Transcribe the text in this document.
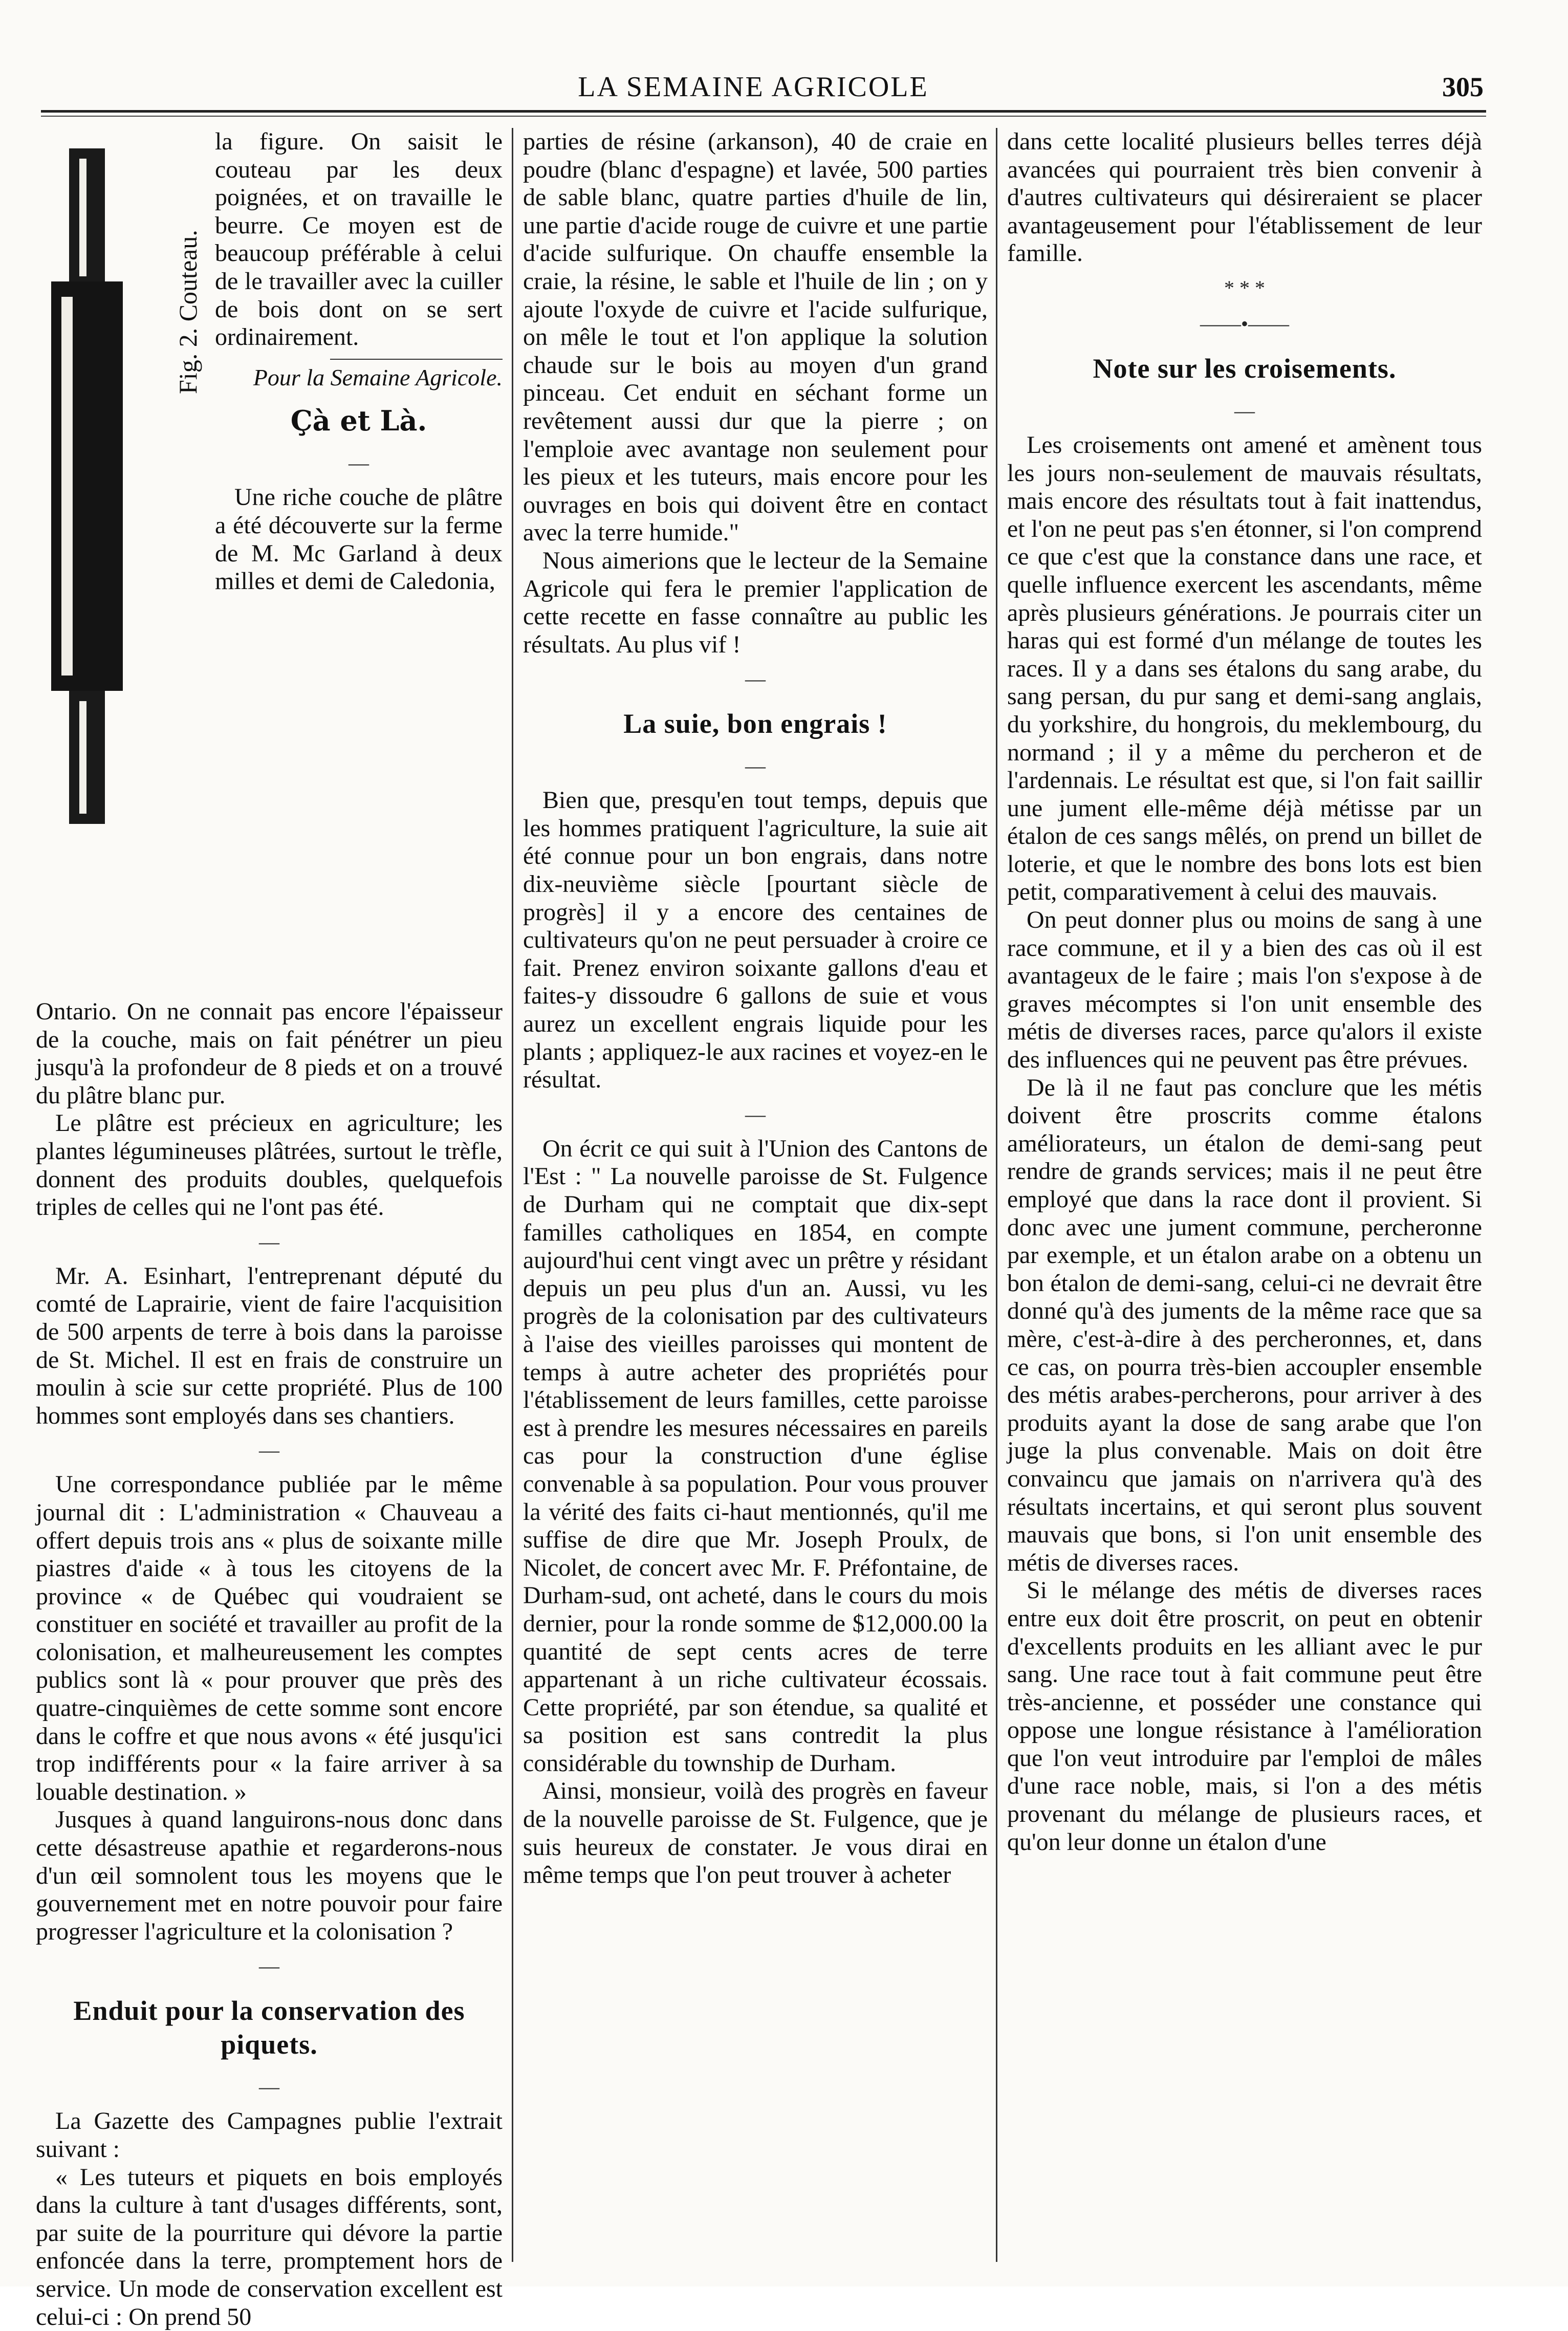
LA SEMAINE AGRICOLE	305
Fig. 2. Couteau.

la figure. On saisit le couteau par les deux poignées, et on travaille le beurre. Ce moyen est de beaucoup préférable à celui de le travailler avec la cuiller de bois dont on se sert ordinairement.

Pour la Semaine Agricole.

Çà et Là.
—

Une riche couche de plâtre a été découverte sur la ferme de M. Mc Garland à deux milles et demi de Caledonia,

Ontario. On ne connait pas encore l'épaisseur de la couche, mais on fait pénétrer un pieu jusqu'à la profondeur de 8 pieds et on a trouvé du plâtre blanc pur.

Le plâtre est précieux en agriculture; les plantes légumineuses plâtrées, surtout le trèfle, donnent des produits doubles, quelquefois triples de celles qui ne l'ont pas été.

—

Mr. A. Esinhart, l'entreprenant député du comté de Laprairie, vient de faire l'acquisition de 500 arpents de terre à bois dans la paroisse de St. Michel. Il est en frais de construire un moulin à scie sur cette propriété. Plus de 100 hommes sont employés dans ses chantiers.

—

Une correspondance publiée par le même journal dit : L'administration « Chauveau a offert depuis trois ans « plus de soixante mille piastres d'aide « à tous les citoyens de la province « de Québec qui voudraient se constituer en société et travailler au profit de la colonisation, et malheureusement les comptes publics sont là « pour prouver que près des quatre-cinquièmes de cette somme sont encore dans le coffre et que nous avons « été jusqu'ici trop indifférents pour « la faire arriver à sa louable destination. »

Jusques à quand languirons-nous donc dans cette désastreuse apathie et regarderons-nous d'un œil somnolent tous les moyens que le gouvernement met en notre pouvoir pour faire progresser l'agriculture et la colonisation ?

—
Enduit pour la conservation des piquets.
—

La Gazette des Campagnes publie l'extrait suivant :

« Les tuteurs et piquets en bois employés dans la culture à tant d'usages différents, sont, par suite de la pourriture qui dévore la partie enfoncée dans la terre, promptement hors de service. Un mode de conservation excellent est celui-ci : On prend 50

parties de résine (arkanson), 40 de craie en poudre (blanc d'espagne) et lavée, 500 parties de sable blanc, quatre parties d'huile de lin, une partie d'acide rouge de cuivre et une partie d'acide sulfurique. On chauffe ensemble la craie, la résine, le sable et l'huile de lin ; on y ajoute l'oxyde de cuivre et l'acide sulfurique, on mêle le tout et l'on applique la solution chaude sur le bois au moyen d'un grand pinceau. Cet enduit en séchant forme un revêtement aussi dur que la pierre ; on l'emploie avec avantage non seulement pour les pieux et les tuteurs, mais encore pour les ouvrages en bois qui doivent être en contact avec la terre humide."

Nous aimerions que le lecteur de la Semaine Agricole qui fera le premier l'application de cette recette en fasse connaître au public les résultats. Au plus vif !

—
La suie, bon engrais !
—

Bien que, presqu'en tout temps, depuis que les hommes pratiquent l'agriculture, la suie ait été connue pour un bon engrais, dans notre dix-neuvième siècle [pourtant siècle de progrès] il y a encore des centaines de cultivateurs qu'on ne peut persuader à croire ce fait. Prenez environ soixante gallons d'eau et faites-y dissoudre 6 gallons de suie et vous aurez un excellent engrais liquide pour les plants ; appliquez-le aux racines et voyez-en le résultat.

—

On écrit ce qui suit à l'Union des Cantons de l'Est : " La nouvelle paroisse de St. Fulgence de Durham qui ne comptait que dix-sept familles catholiques en 1854, en compte aujourd'hui cent vingt avec un prêtre y résidant depuis un peu plus d'un an. Aussi, vu les progrès de la colonisation par des cultivateurs à l'aise des vieilles paroisses qui montent de temps à autre acheter des propriétés pour l'établissement de leurs familles, cette paroisse est à prendre les mesures nécessaires en pareils cas pour la construction d'une église convenable à sa population. Pour vous prouver la vérité des faits ci-haut mentionnés, qu'il me suffise de dire que Mr. Joseph Proulx, de Nicolet, de concert avec Mr. F. Préfontaine, de Durham-sud, ont acheté, dans le cours du mois dernier, pour la ronde somme de $12,000.00 la quantité de sept cents acres de terre appartenant à un riche cultivateur écossais. Cette propriété, par son étendue, sa qualité et sa position est sans contredit la plus considérable du township de Durham.

Ainsi, monsieur, voilà des progrès en faveur de la nouvelle paroisse de St. Fulgence, que je suis heureux de constater. Je vous dirai en même temps que l'on peut trouver à acheter

dans cette localité plusieurs belles terres déjà avancées qui pourraient très bien convenir à d'autres cultivateurs qui désireraient se placer avantageusement pour l'établissement de leur famille.

* * *
——•——
Note sur les croisements.
—

Les croisements ont amené et amènent tous les jours non-seulement de mauvais résultats, mais encore des résultats tout à fait inattendus, et l'on ne peut pas s'en étonner, si l'on comprend ce que c'est que la constance dans une race, et quelle influence exercent les ascendants, même après plusieurs générations. Je pourrais citer un haras qui est formé d'un mélange de toutes les races. Il y a dans ses étalons du sang arabe, du sang persan, du pur sang et demi-sang anglais, du yorkshire, du hongrois, du meklembourg, du normand ; il y a même du percheron et de l'ardennais. Le résultat est que, si l'on fait saillir une jument elle-même déjà métisse par un étalon de ces sangs mêlés, on prend un billet de loterie, et que le nombre des bons lots est bien petit, comparativement à celui des mauvais.

On peut donner plus ou moins de sang à une race commune, et il y a bien des cas où il est avantageux de le faire ; mais l'on s'expose à de graves mécomptes si l'on unit ensemble des métis de diverses races, parce qu'alors il existe des influences qui ne peuvent pas être prévues.

De là il ne faut pas conclure que les métis doivent être proscrits comme étalons améliorateurs, un étalon de demi-sang peut rendre de grands services; mais il ne peut être employé que dans la race dont il provient. Si donc avec une jument commune, percheronne par exemple, et un étalon arabe on a obtenu un bon étalon de demi-sang, celui-ci ne devrait être donné qu'à des juments de la même race que sa mère, c'est-à-dire à des percheronnes, et, dans ce cas, on pourra très-bien accoupler ensemble des métis arabes-percherons, pour arriver à des produits ayant la dose de sang arabe que l'on juge la plus convenable. Mais on doit être convaincu que jamais on n'arrivera qu'à des résultats incertains, et qui seront plus souvent mauvais que bons, si l'on unit ensemble des métis de diverses races.

Si le mélange des métis de diverses races entre eux doit être proscrit, on peut en obtenir d'excellents produits en les alliant avec le pur sang. Une race tout à fait commune peut être très-ancienne, et posséder une constance qui oppose une longue résistance à l'amélioration que l'on veut introduire par l'emploi de mâles d'une race noble, mais, si l'on a des métis provenant du mélange de plusieurs races, et qu'on leur donne un étalon d'une
